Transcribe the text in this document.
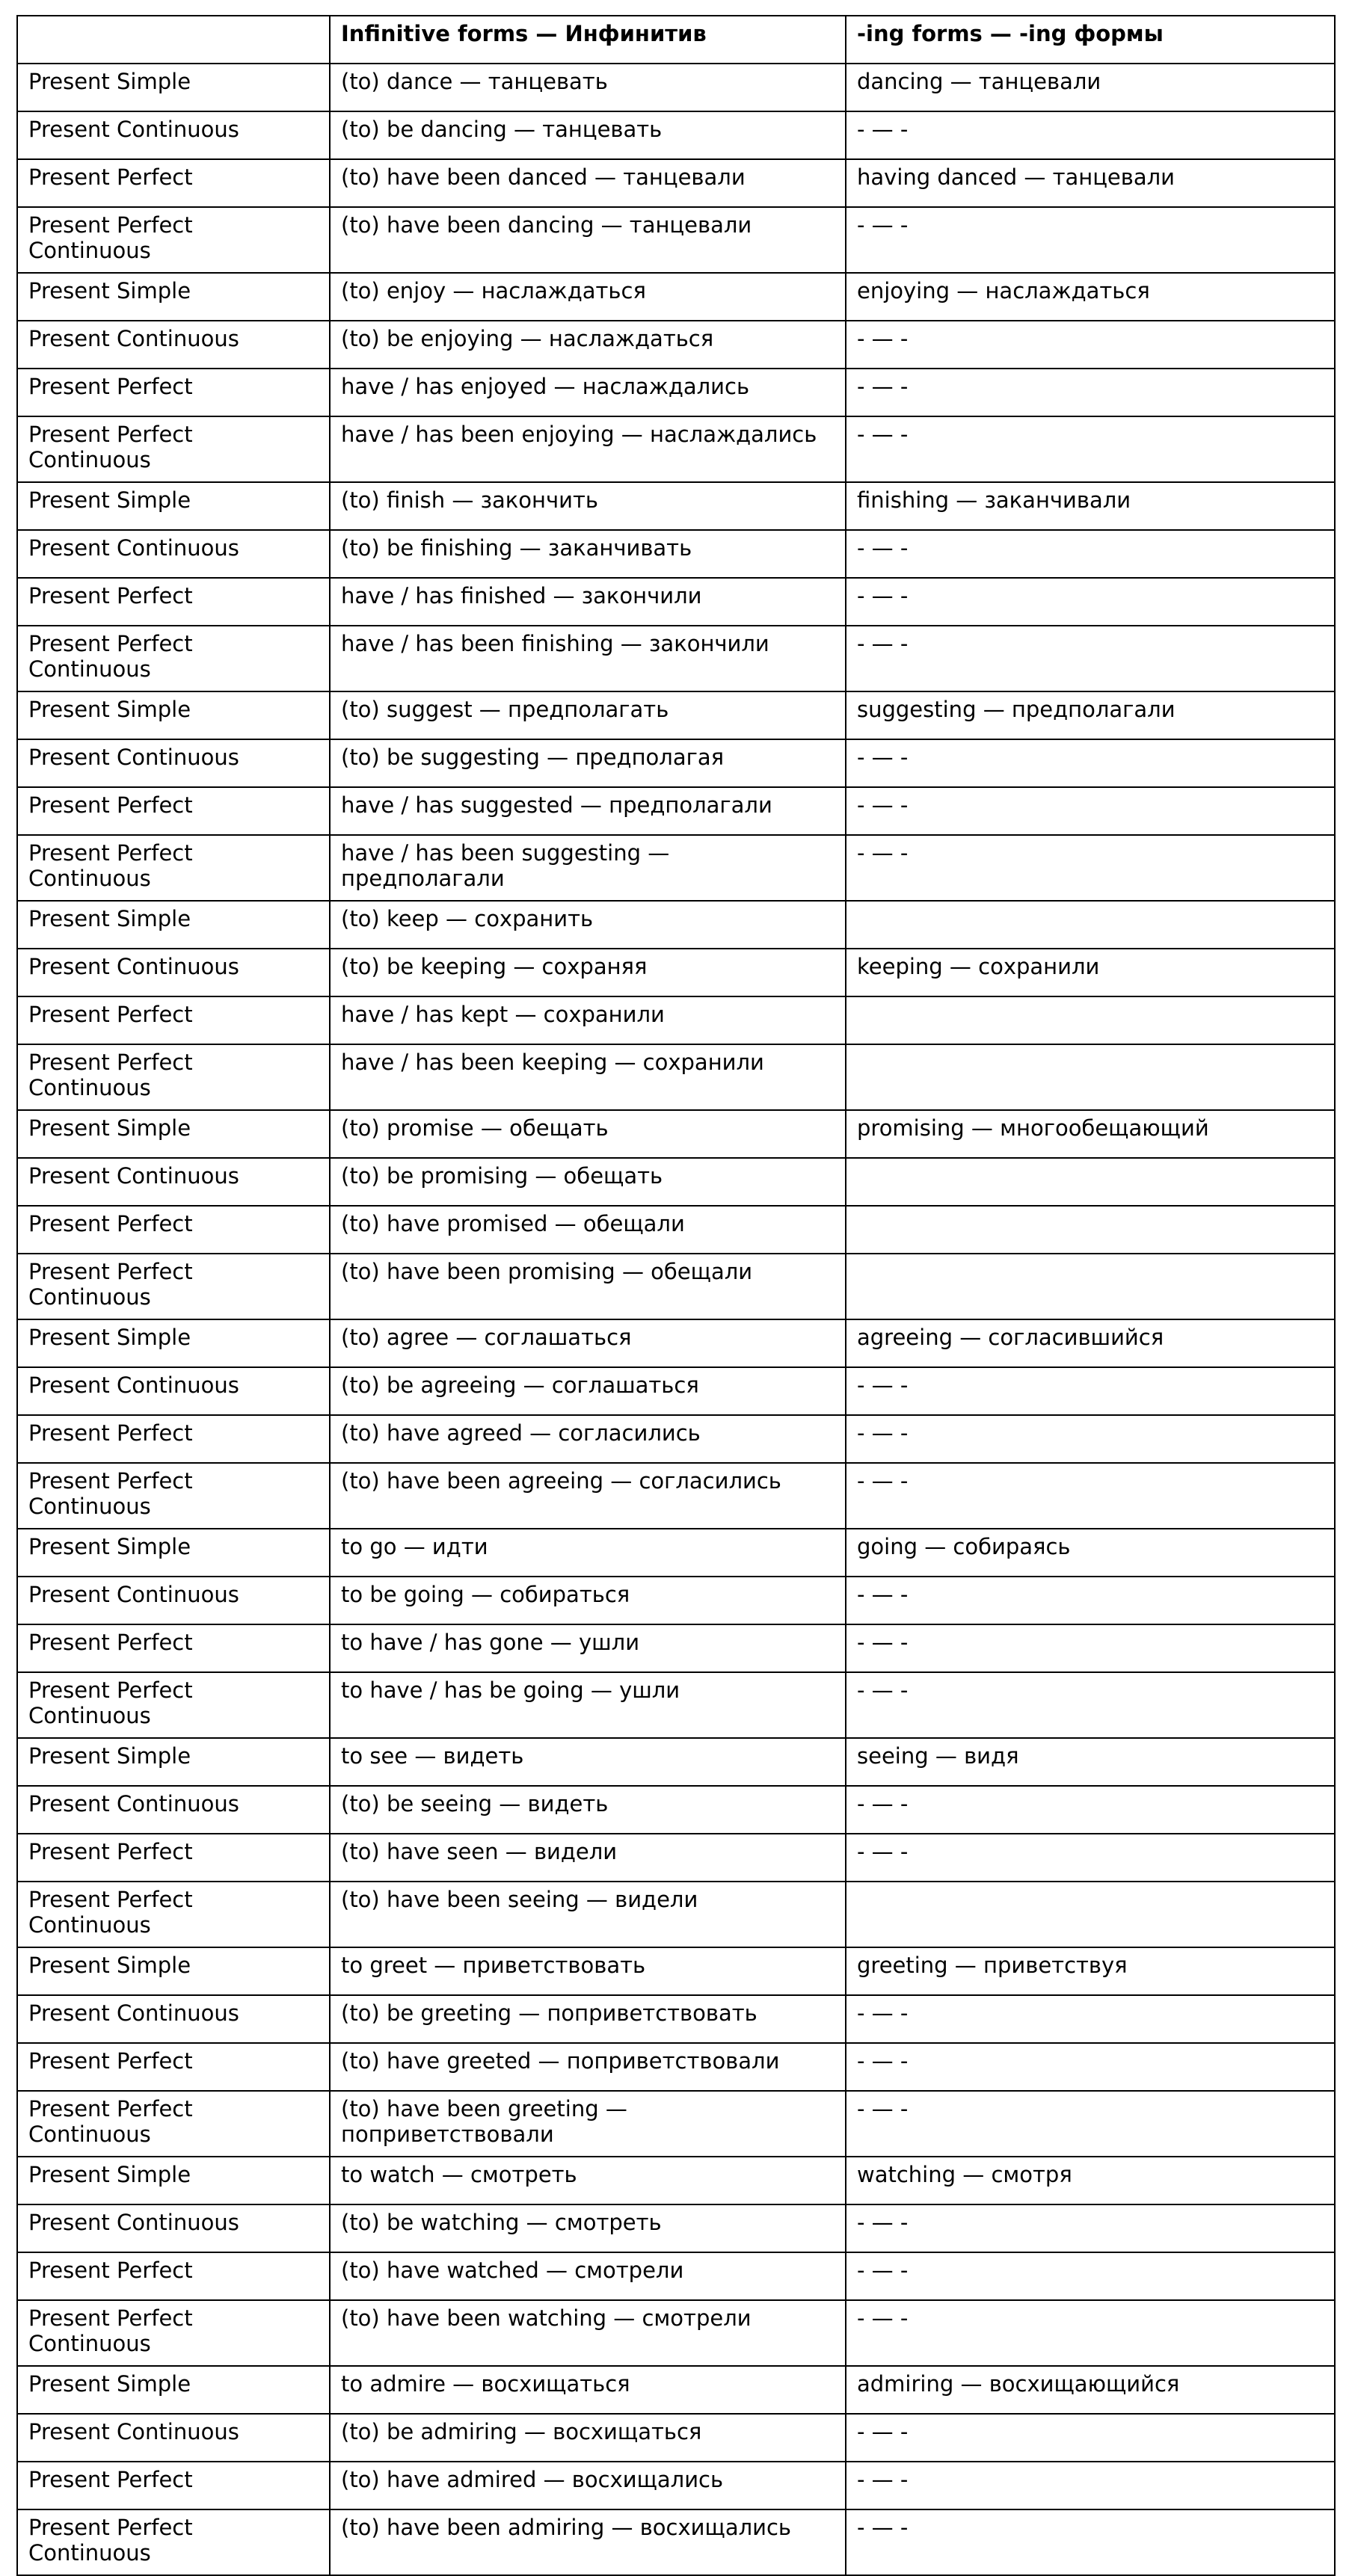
	Infinitive forms — Инфинитив	-ing forms — -ing формы
Present Simple	(to) dance — танцевать	dancing — танцевали
Present Continuous	(to) be dancing — танцевать	- — -
Present Perfect	(to) have been danced — танцевали	having danced — танцевали
Present Perfect Continuous	(to) have been dancing — танцевали	- — -
Present Simple	(to) enjoy — наслаждаться	enjoying — наслаждаться
Present Continuous	(to) be enjoying — наслаждаться	- — -
Present Perfect	have / has enjoyed — наслаждались	- — -
Present Perfect Continuous	have / has been enjoying — наслаждались	- — -
Present Simple	(to) finish — закончить	finishing — заканчивали
Present Continuous	(to) be finishing — заканчивать	- — -
Present Perfect	have / has finished — закончили	- — -
Present Perfect Continuous	have / has been finishing — закончили	- — -
Present Simple	(to) suggest — предполагать	suggesting — предполагали
Present Continuous	(to) be suggesting — предполагая	- — -
Present Perfect	have / has suggested — предполагали	- — -
Present Perfect Continuous	have / has been suggesting — предполагали	- — -
Present Simple	(to) keep — сохранить	
Present Continuous	(to) be keeping — сохраняя	keeping — сохранили
Present Perfect	have / has kept — сохранили	
Present Perfect Continuous	have / has been keeping — сохранили	
Present Simple	(to) promise — обещать	promising — многообещающий
Present Continuous	(to) be promising — обещать	
Present Perfect	(to) have promised — обещали	
Present Perfect Continuous	(to) have been promising — обещали	
Present Simple	(to) agree — соглашаться	agreeing — согласившийся
Present Continuous	(to) be agreeing — соглашаться	- — -
Present Perfect	(to) have agreed — согласились	- — -
Present Perfect Continuous	(to) have been agreeing — согласились	- — -
Present Simple	to go — идти	going — собираясь
Present Continuous	to be going — собираться	- — -
Present Perfect	to have / has gone — ушли	- — -
Present Perfect Continuous	to have / has be going — ушли	- — -
Present Simple	to see — видеть	seeing — видя
Present Continuous	(to) be seeing — видеть	- — -
Present Perfect	(to) have seen — видели	- — -
Present Perfect Continuous	(to) have been seeing — видели	
Present Simple	to greet — приветствовать	greeting — приветствуя
Present Continuous	(to) be greeting — поприветствовать	- — -
Present Perfect	(to) have greeted — поприветствовали	- — -
Present Perfect Continuous	(to) have been greeting — поприветствовали	- — -
Present Simple	to watch — смотреть	watching — смотря
Present Continuous	(to) be watching — смотреть	- — -
Present Perfect	(to) have watched — смотрели	- — -
Present Perfect Continuous	(to) have been watching — смотрели	- — -
Present Simple	to admire — восхищаться	admiring — восхищающийся
Present Continuous	(to) be admiring — восхищаться	- — -
Present Perfect	(to) have admired — восхищались	- — -
Present Perfect Continuous	(to) have been admiring — восхищались	- — -
